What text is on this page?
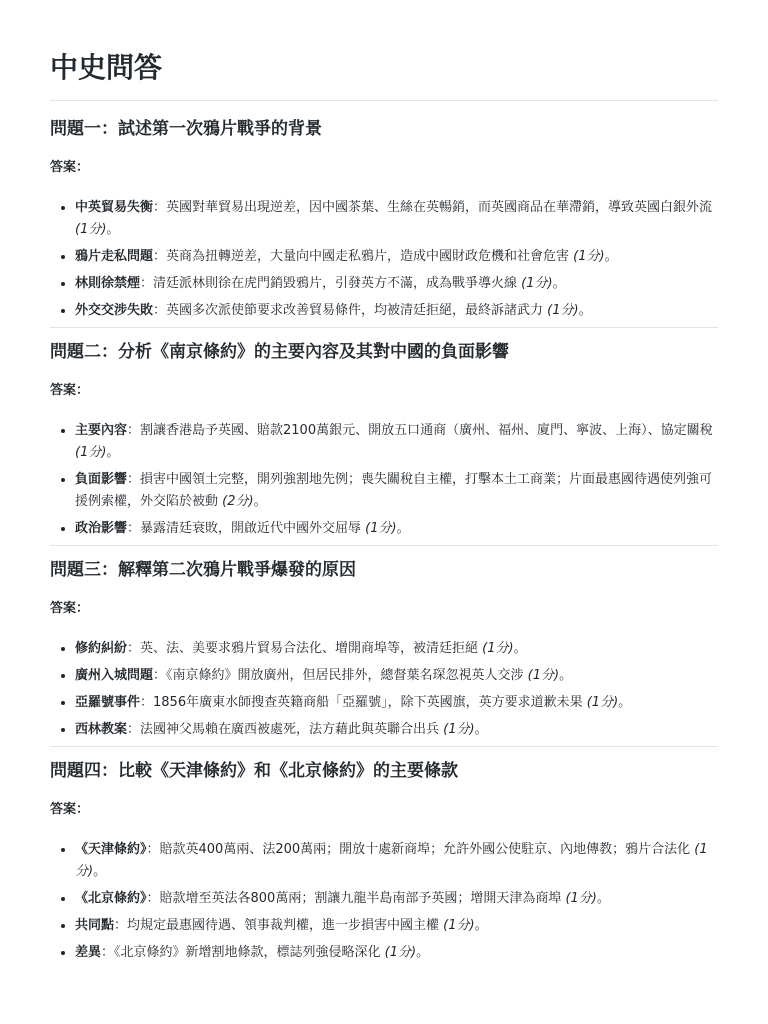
中史問答
問題一：試述第一次鴉片戰爭的背景

答案：

• 中英貿易失衡：英國對華貿易出現逆差，因中國茶葉、生絲在英暢銷，而英國商品在華滯銷，導致英國白銀外流 (1分)。
• 鴉片走私問題：英商為扭轉逆差，大量向中國走私鴉片，造成中國財政危機和社會危害 (1分)。
• 林則徐禁煙：清廷派林則徐在虎門銷毀鴉片，引發英方不滿，成為戰爭導火線 (1分)。
• 外交交涉失敗：英國多次派使節要求改善貿易條件，均被清廷拒絕，最終訴諸武力 (1分)。
問題二：分析《南京條約》的主要內容及其對中國的負面影響

答案：

• 主要內容：割讓香港島予英國、賠款2100萬銀元、開放五口通商（廣州、福州、廈門、寧波、上海）、協定關稅 (1分)。
• 負面影響：損害中國領土完整，開列強割地先例；喪失關稅自主權，打擊本土工商業；片面最惠國待遇使列強可援例索權，外交陷於被動 (2分)。
• 政治影響：暴露清廷衰敗，開啟近代中國外交屈辱 (1分)。
問題三：解釋第二次鴉片戰爭爆發的原因

答案：

• 修約糾紛：英、法、美要求鴉片貿易合法化、增開商埠等，被清廷拒絕 (1分)。
• 廣州入城問題：《南京條約》開放廣州，但居民排外，總督葉名琛忽視英人交涉 (1分)。
• 亞羅號事件：1856年廣東水師搜查英籍商船「亞羅號」，除下英國旗，英方要求道歉未果 (1分)。
• 西林教案：法國神父馬賴在廣西被處死，法方藉此與英聯合出兵 (1分)。
問題四：比較《天津條約》和《北京條約》的主要條款

答案：

• 《天津條約》：賠款英400萬兩、法200萬兩；開放十處新商埠；允許外國公使駐京、內地傳教；鴉片合法化 (1分)。
• 《北京條約》：賠款增至英法各800萬兩；割讓九龍半島南部予英國；增開天津為商埠 (1分)。
• 共同點：均規定最惠國待遇、領事裁判權，進一步損害中國主權 (1分)。
• 差異：《北京條約》新增割地條款，標誌列強侵略深化 (1分)。
